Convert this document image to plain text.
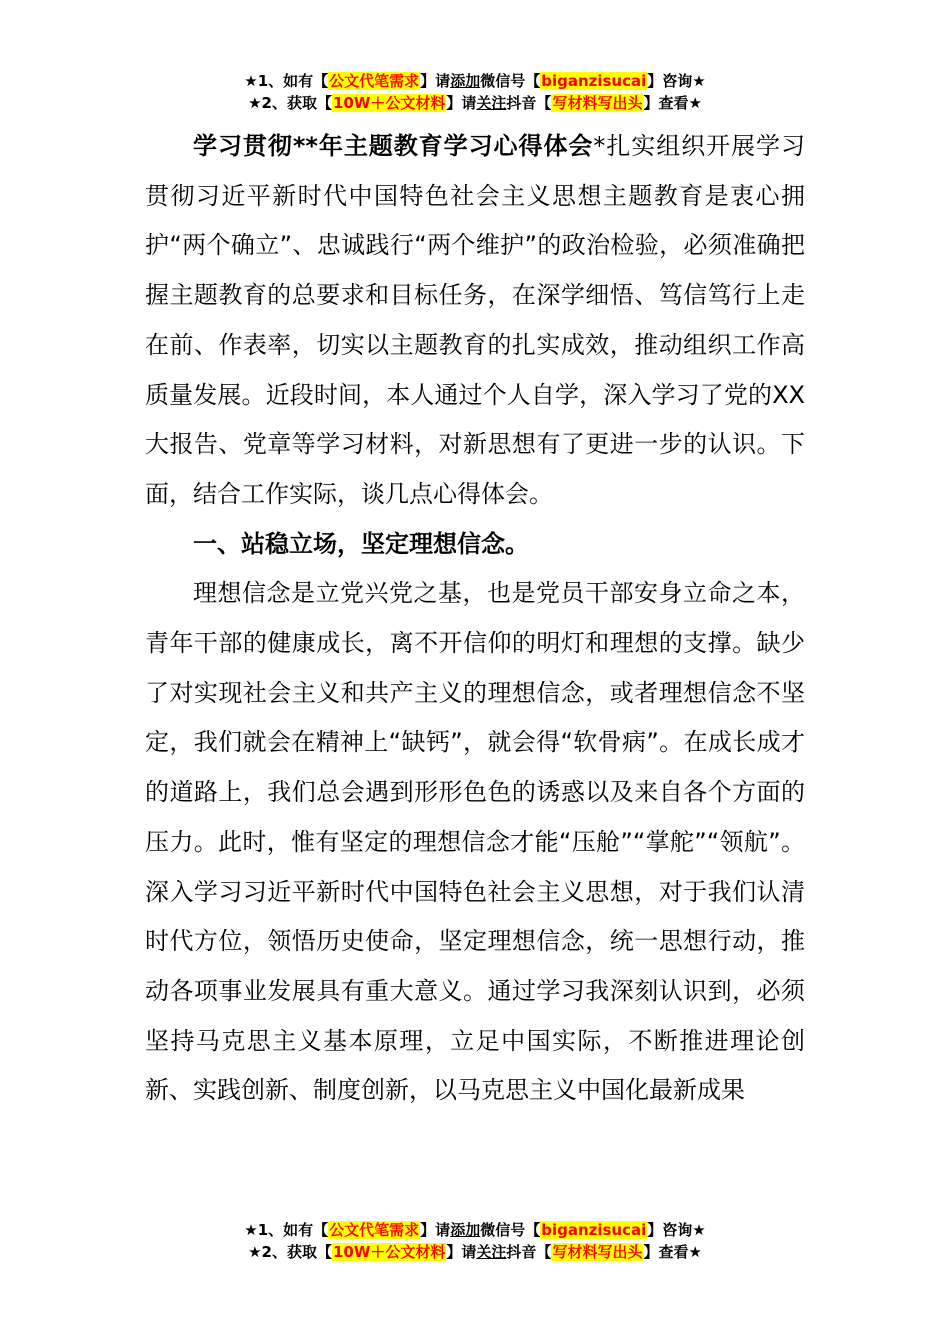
★1、如有【公文代笔需求】请添加微信号【biganzisucai】咨询★
★2、获取【10W＋公文材料】请关注抖音【写材料写出头】查看★

学习贯彻**年主题教育学习心得体会*扎实组织开展学习贯彻习近平新时代中国特色社会主义思想主题教育是衷心拥护“两个确立”、忠诚践行“两个维护”的政治检验，必须准确把握主题教育的总要求和目标任务，在深学细悟、笃信笃行上走在前、作表率，切实以主题教育的扎实成效，推动组织工作高质量发展。近段时间，本人通过个人自学，深入学习了党的XX大报告、党章等学习材料，对新思想有了更进一步的认识。下面，结合工作实际，谈几点心得体会。

一、站稳立场，坚定理想信念。

理想信念是立党兴党之基，也是党员干部安身立命之本，青年干部的健康成长，离不开信仰的明灯和理想的支撑。缺少了对实现社会主义和共产主义的理想信念，或者理想信念不坚定，我们就会在精神上“缺钙”，就会得“软骨病”。在成长成才的道路上，我们总会遇到形形色色的诱惑以及来自各个方面的压力。此时，惟有坚定的理想信念才能“压舱”“掌舵”“领航”。深入学习习近平新时代中国特色社会主义思想，对于我们认清时代方位，领悟历史使命，坚定理想信念，统一思想行动，推动各项事业发展具有重大意义。通过学习我深刻认识到，必须坚持马克思主义基本原理，立足中国实际，不断推进理论创新、实践创新、制度创新，以马克思主义中国化最新成果

★1、如有【公文代笔需求】请添加微信号【biganzisucai】咨询★
★2、获取【10W＋公文材料】请关注抖音【写材料写出头】查看★
